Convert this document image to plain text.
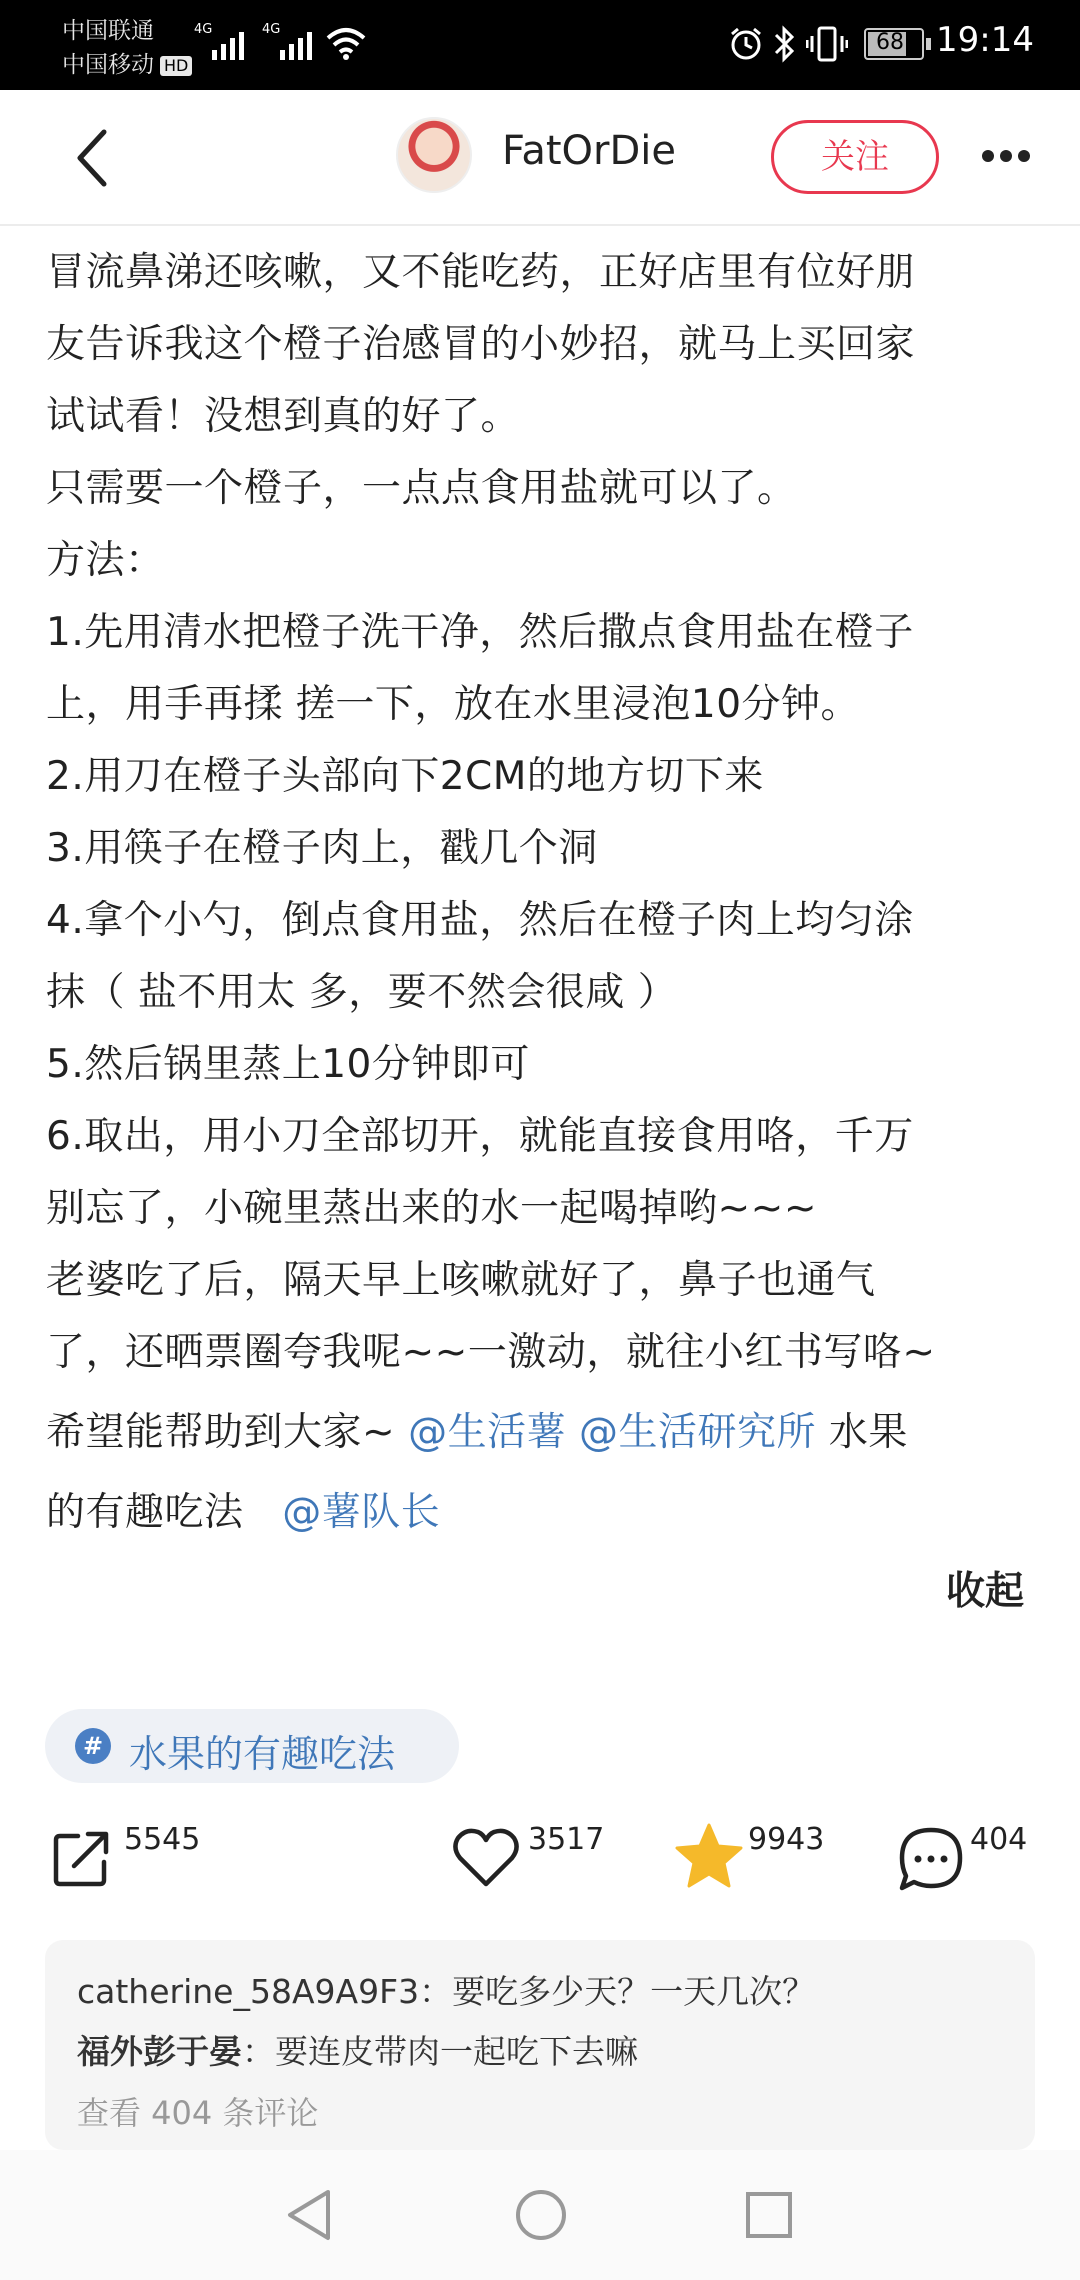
中国联通
中国移动 HD
4G	4G
68 19:14
FatOrDie	关注
冒流鼻涕还咳嗽，又不能吃药，正好店里有位好朋
友告诉我这个橙子治感冒的小妙招，就马上买回家
试试看！没想到真的好了。
只需要一个橙子，一点点食用盐就可以了。
方法：
1.先用清水把橙子洗干净，然后撒点食用盐在橙子
上，用手再揉 搓一下，放在水里浸泡10分钟。
2.用刀在橙子头部向下2CM的地方切下来
3.用筷子在橙子肉上，戳几个洞
4.拿个小勺，倒点食用盐，然后在橙子肉上均匀涂
抹（ 盐不用太 多，要不然会很咸 ）
5.然后锅里蒸上10分钟即可
6.取出，用小刀全部切开，就能直接食用咯，千万
别忘了，小碗里蒸出来的水一起喝掉哟~~~
老婆吃了后，隔天早上咳嗽就好了，鼻子也通气
了，还晒票圈夸我呢~~一激动，就往小红书写咯~
希望能帮助到大家~ @生活薯 @生活研究所 水果
的有趣吃法   @薯队长
收起
# 水果的有趣吃法
5545	3517	9943	404
catherine_58A9A9F3：要吃多少天？一天几次？
福外彭于晏：要连皮带肉一起吃下去嘛
查看 404 条评论
